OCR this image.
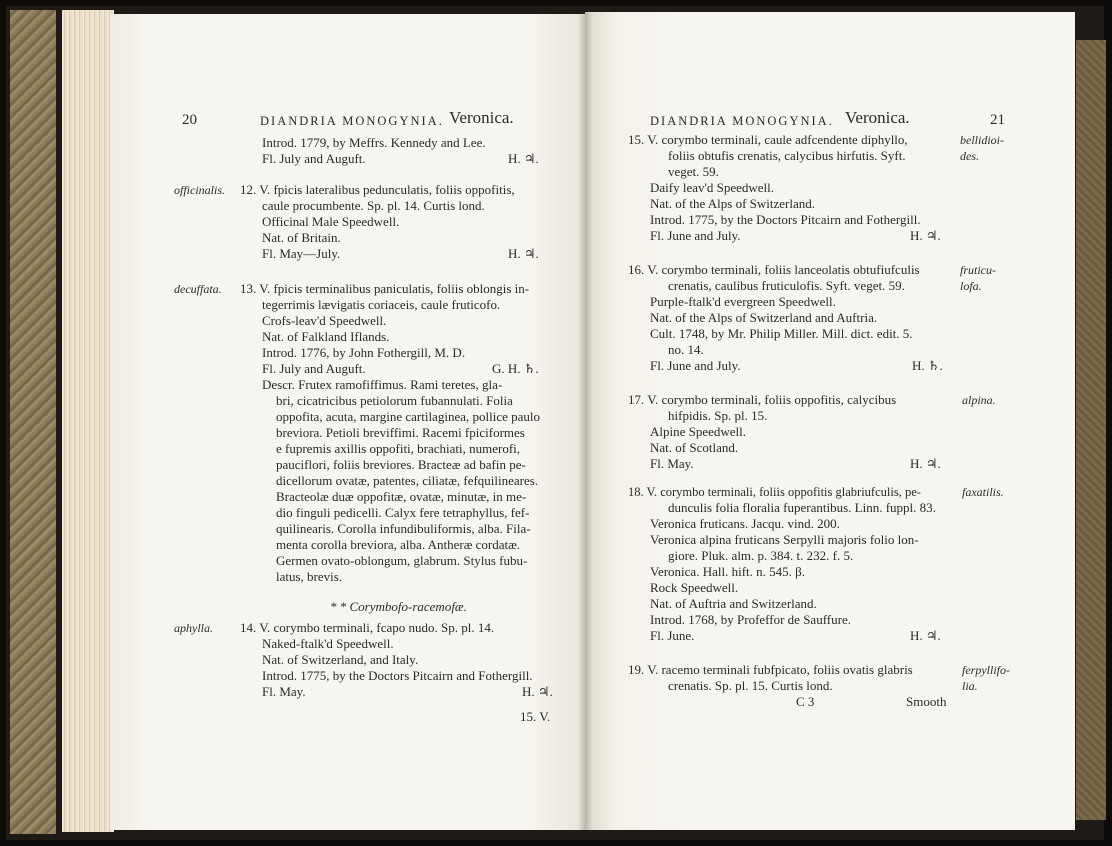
20	DIANDRIA MONOGYNIA. Veronica.
Introd. 1779, by Meffrs. Kennedy and Lee.
Fl. July and Auguft.	H. ♃.
officinalis. 12. V. fpicis lateralibus pedunculatis, foliis oppofitis,
caule procumbente. Sp. pl. 14. Curtis lond.
Officinal Male Speedwell.
Nat. of Britain.
Fl. May—July.	H. ♃.
decuffata. 13. V. fpicis terminalibus paniculatis, foliis oblongis in-
tegerrimis lævigatis coriaceis, caule fruticofo.
Crofs-leav'd Speedwell.
Nat. of Falkland Iflands.
Introd. 1776, by John Fothergill, M. D.
Fl. July and Auguft.	G. H. ♄.
Descr. Frutex ramofiffimus. Rami teretes, gla-
bri, cicatricibus petiolorum fubannulati. Folia
oppofita, acuta, margine cartilaginea, pollice paulo
breviora. Petioli breviffimi. Racemi fpiciformes
e fupremis axillis oppofiti, brachiati, numerofi,
pauciflori, foliis breviores. Bracteæ ad bafin pe-
dicellorum ovatæ, patentes, ciliatæ, fefquilineares.
Bracteolæ duæ oppofitæ, ovatæ, minutæ, in me-
dio finguli pedicelli. Calyx fere tetraphyllus, fef-
quilinearis. Corolla infundibuliformis, alba. Fila-
menta corolla breviora, alba. Antheræ cordatæ.
Germen ovato-oblongum, glabrum. Stylus fubu-
latus, brevis.
* * Corymbofo-racemofæ.
aphylla. 14. V. corymbo terminali, fcapo nudo. Sp. pl. 14.
Naked-ftalk'd Speedwell.
Nat. of Switzerland, and Italy.
Introd. 1775, by the Doctors Pitcairn and Fothergill.
Fl. May.	H. ♃.
15. V.
DIANDRIA MONOGYNIA. Veronica.	21
15. V. corymbo terminali, caule adfcendente diphyllo,	bellidioi-
foliis obtufis crenatis, calycibus hirfutis. Syft.	des.
veget. 59.
Daify leav'd Speedwell.
Nat. of the Alps of Switzerland.
Introd. 1775, by the Doctors Pitcairn and Fothergill.
Fl. June and July.	H. ♃.
16. V. corymbo terminali, foliis lanceolatis obtufiufculis	fruticu-
crenatis, caulibus fruticulofis. Syft. veget. 59.	lofa.
Purple-ftalk'd evergreen Speedwell.
Nat. of the Alps of Switzerland and Auftria.
Cult. 1748, by Mr. Philip Miller. Mill. dict. edit. 5.
no. 14.
Fl. June and July.	H. ♄.
17. V. corymbo terminali, foliis oppofitis, calycibus	alpina.
hifpidis. Sp. pl. 15.
Alpine Speedwell.
Nat. of Scotland.
Fl. May.	H. ♃.
18. V. corymbo terminali, foliis oppofitis glabriufculis, pe-	faxatilis.
dunculis folia floralia fuperantibus. Linn. fuppl. 83.
Veronica fruticans. Jacqu. vind. 200.
Veronica alpina fruticans Serpylli majoris folio lon-
giore. Pluk. alm. p. 384. t. 232. f. 5.
Veronica. Hall. hift. n. 545. β.
Rock Speedwell.
Nat. of Auftria and Switzerland.
Introd. 1768, by Profeffor de Sauffure.
Fl. June.	H. ♃.
19. V. racemo terminali fubfpicato, foliis ovatis glabris	ferpyllifo-
crenatis. Sp. pl. 15. Curtis lond.	lia.
C 3	Smooth
